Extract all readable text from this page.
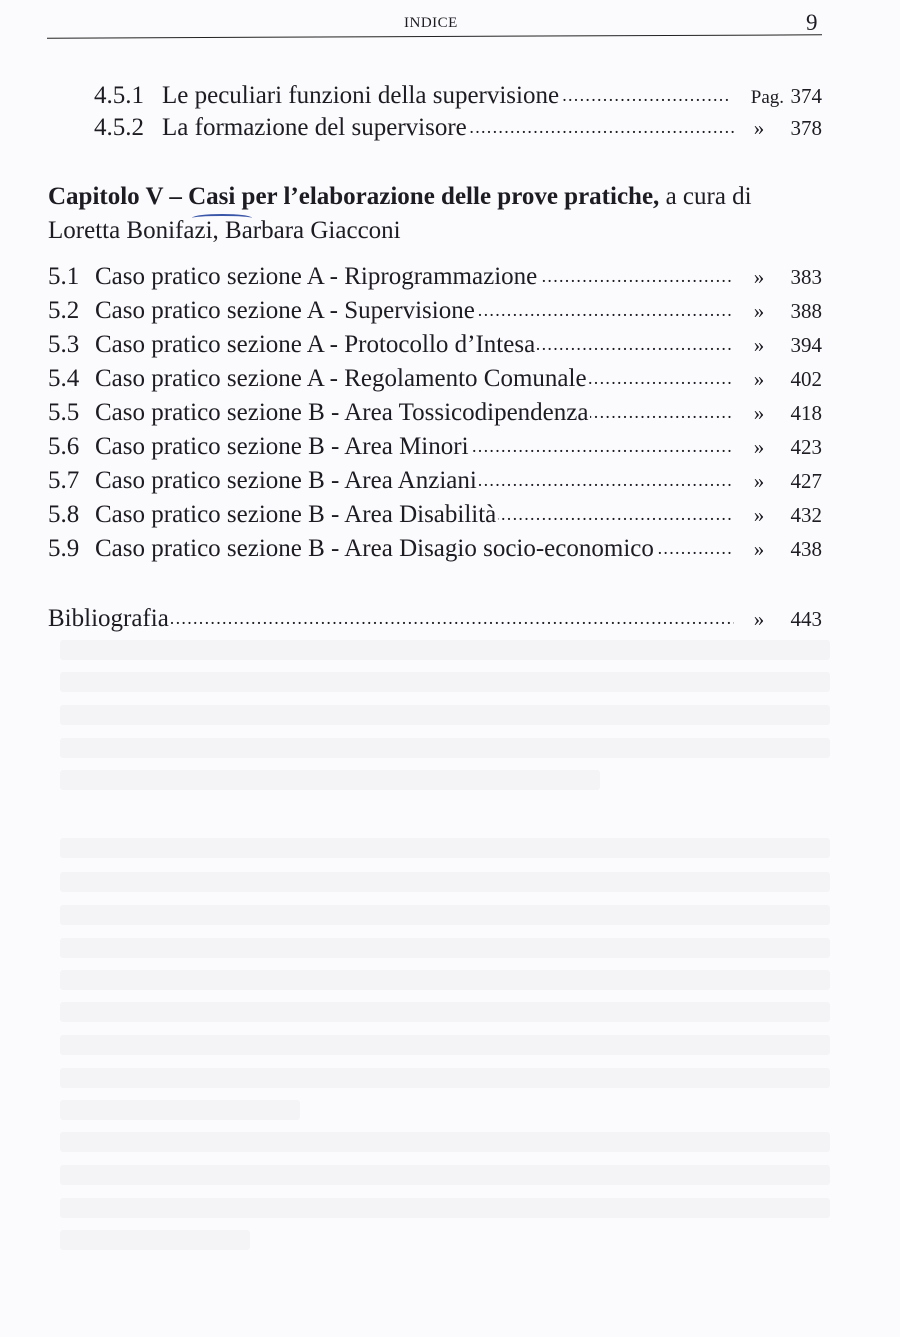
INDICE	9
4.5.1 Le peculiari funzioni della supervisione .....	Pag. 374
4.5.2 La formazione del supervisore .....	»	378
Capitolo V – Casi per l’elaborazione delle prove pratiche, a cura di Loretta Bonifazi, Barbara Giacconi
5.1 Caso pratico sezione A - Riprogrammazione .....	»	383
5.2 Caso pratico sezione A - Supervisione .....	»	388
5.3 Caso pratico sezione A - Protocollo d’Intesa .....	»	394
5.4 Caso pratico sezione A - Regolamento Comunale .....	»	402
5.5 Caso pratico sezione B - Area Tossicodipendenza .....	»	418
5.6 Caso pratico sezione B - Area Minori .....	»	423
5.7 Caso pratico sezione B - Area Anziani .....	»	427
5.8 Caso pratico sezione B - Area Disabilità .....	»	432
5.9 Caso pratico sezione B - Area Disagio socio-economico .....	»	438
Bibliografia .....	»	443
